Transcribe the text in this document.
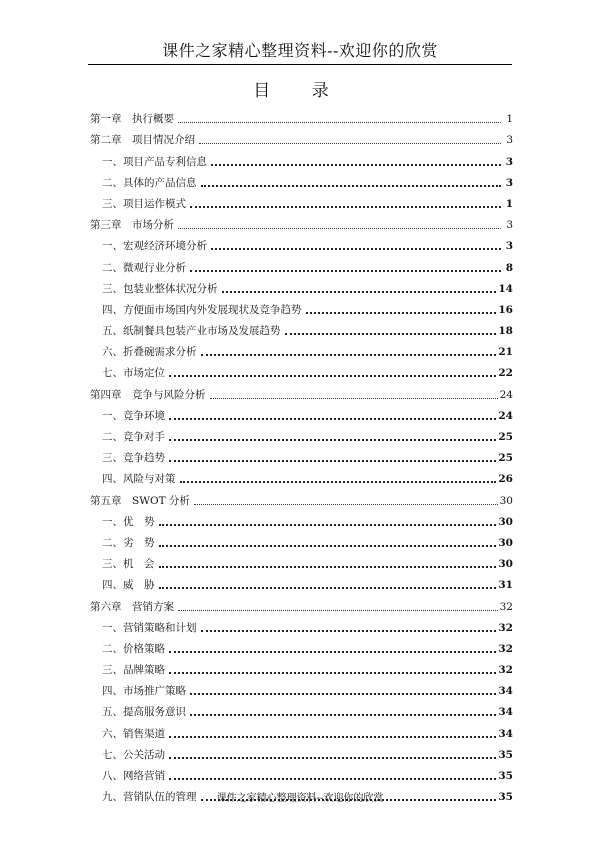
课件之家精心整理资料--欢迎你的欣赏
目 录
第一章　执行概要	1
第二章　项目情况介绍	3
一、项目产品专利信息	3
二、具体的产品信息	3
三、项目运作模式	1
第三章　市场分析	3
一、宏观经济环境分析	3
二、微观行业分析	8
三、包装业整体状况分析	14
四、方便面市场国内外发展现状及竞争趋势	16
五、纸制餐具包装产业市场及发展趋势	18
六、折叠碗需求分析	21
七、市场定位	22
第四章　竞争与风险分析	24
一、竞争环境	24
二、竞争对手	25
三、竞争趋势	25
四、风险与对策	26
第五章　SWOT 分析	30
一、优　势	30
二、劣　势	30
三、机　会	30
四、威　胁	31
第六章　营销方案	32
一、营销策略和计划	32
二、价格策略	32
三、品牌策略	32
四、市场推广策略	34
五、提高服务意识	34
六、销售渠道	34
七、公关活动	35
八、网络营销	35
九、营销队伍的管理	35
课件之家精心整理资料--欢迎你的欣赏
